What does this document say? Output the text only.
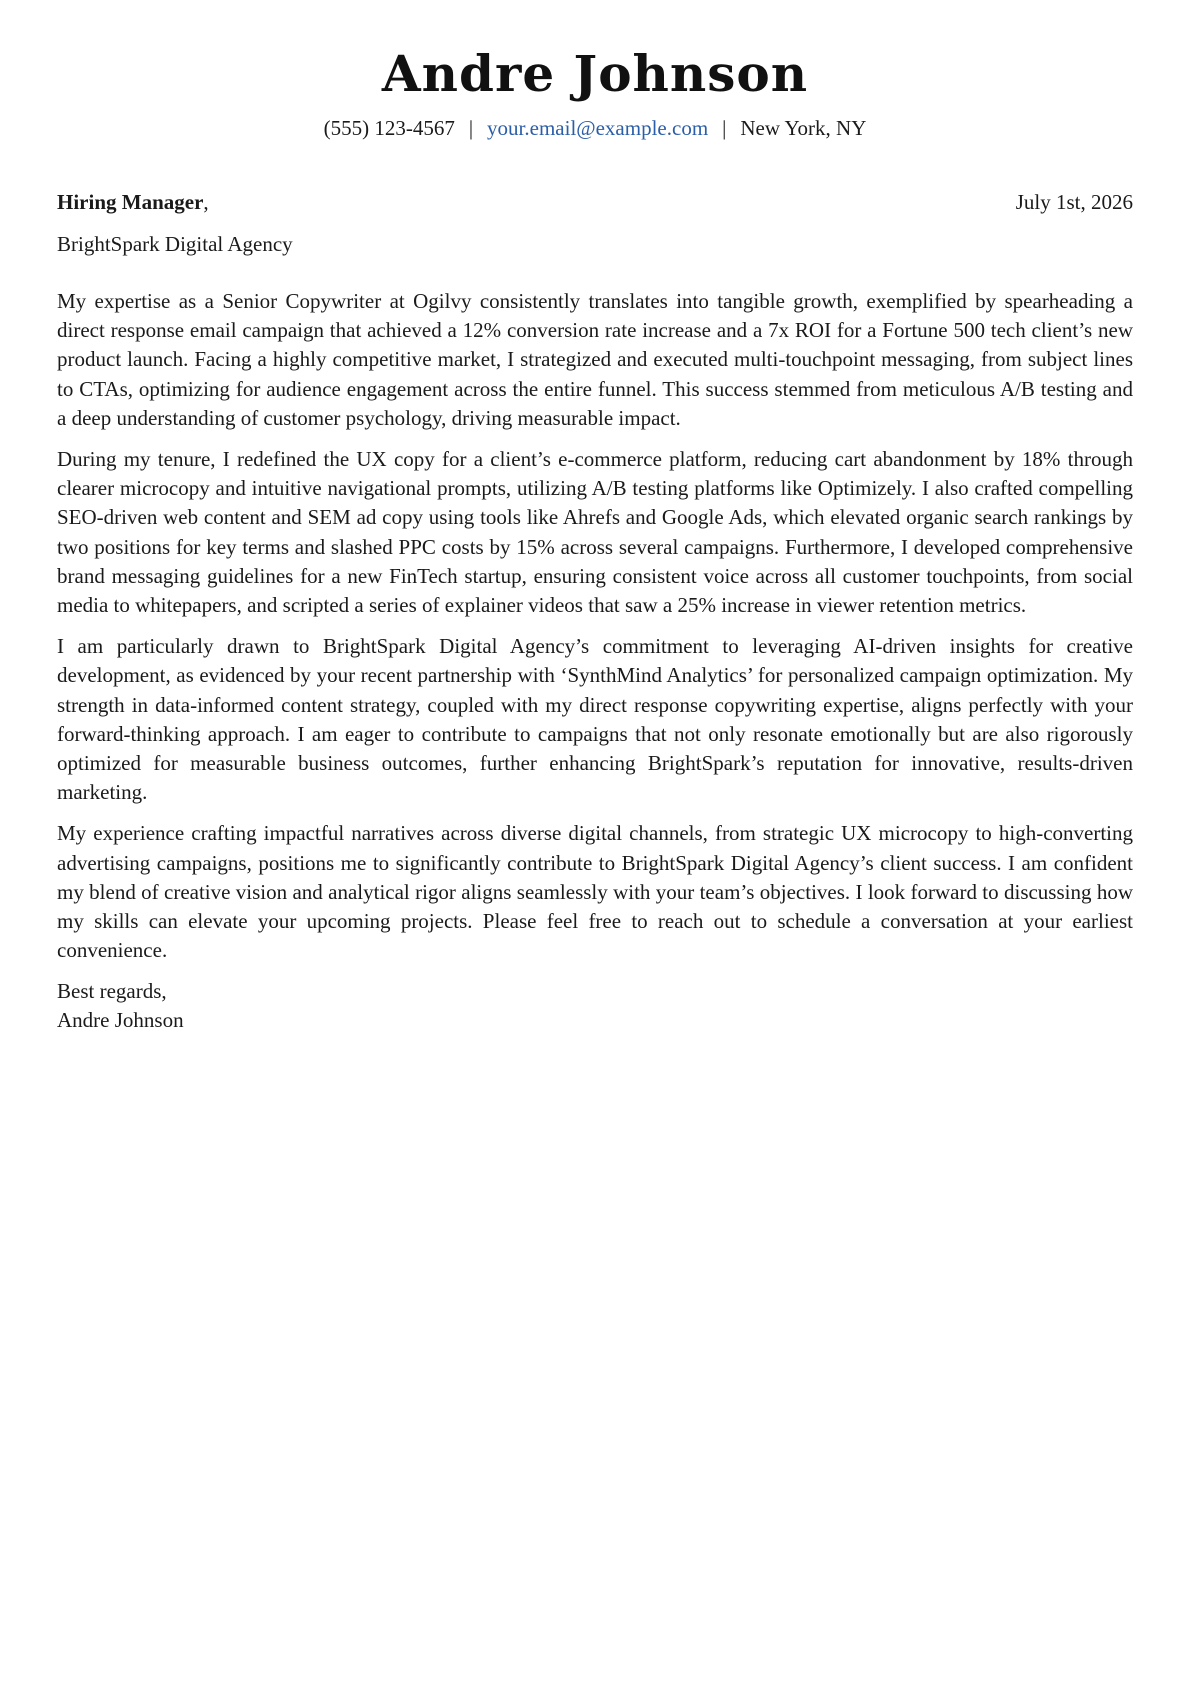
Andre Johnson
(555) 123-4567 | your.email@example.com | New York, NY
Hiring Manager,	July 1st, 2026
BrightSpark Digital Agency

My expertise as a Senior Copywriter at Ogilvy consistently translates into tangible growth, exemplified by spearheading a direct response email campaign that achieved a 12% conversion rate increase and a 7x ROI for a Fortune 500 tech client’s new product launch. Facing a highly competitive market, I strategized and executed multi-touchpoint messaging, from subject lines to CTAs, optimizing for audience engagement across the entire funnel. This success stemmed from meticulous A/B testing and a deep understanding of customer psychology, driving measurable impact.

During my tenure, I redefined the UX copy for a client’s e-commerce platform, reducing cart abandonment by 18% through clearer microcopy and intuitive navigational prompts, utilizing A/B testing platforms like Optimizely. I also crafted compelling SEO-driven web content and SEM ad copy using tools like Ahrefs and Google Ads, which elevated organic search rankings by two positions for key terms and slashed PPC costs by 15% across several campaigns. Furthermore, I developed comprehensive brand messaging guidelines for a new FinTech startup, ensuring consistent voice across all customer touchpoints, from social media to whitepapers, and scripted a series of explainer videos that saw a 25% increase in viewer retention metrics.

I am particularly drawn to BrightSpark Digital Agency’s commitment to leveraging AI-driven insights for creative development, as evidenced by your recent partnership with ‘SynthMind Analytics’ for personalized campaign optimization. My strength in data-informed content strategy, coupled with my direct response copywriting expertise, aligns perfectly with your forward-thinking approach. I am eager to contribute to campaigns that not only resonate emotionally but are also rigorously optimized for measurable business outcomes, further enhancing BrightSpark’s reputation for innovative, results-driven marketing.

My experience crafting impactful narratives across diverse digital channels, from strategic UX microcopy to high-converting advertising campaigns, positions me to significantly contribute to BrightSpark Digital Agency’s client success. I am confident my blend of creative vision and analytical rigor aligns seamlessly with your team’s objectives. I look forward to discussing how my skills can elevate your upcoming projects. Please feel free to reach out to schedule a conversation at your earliest convenience.

Best regards,
Andre Johnson
